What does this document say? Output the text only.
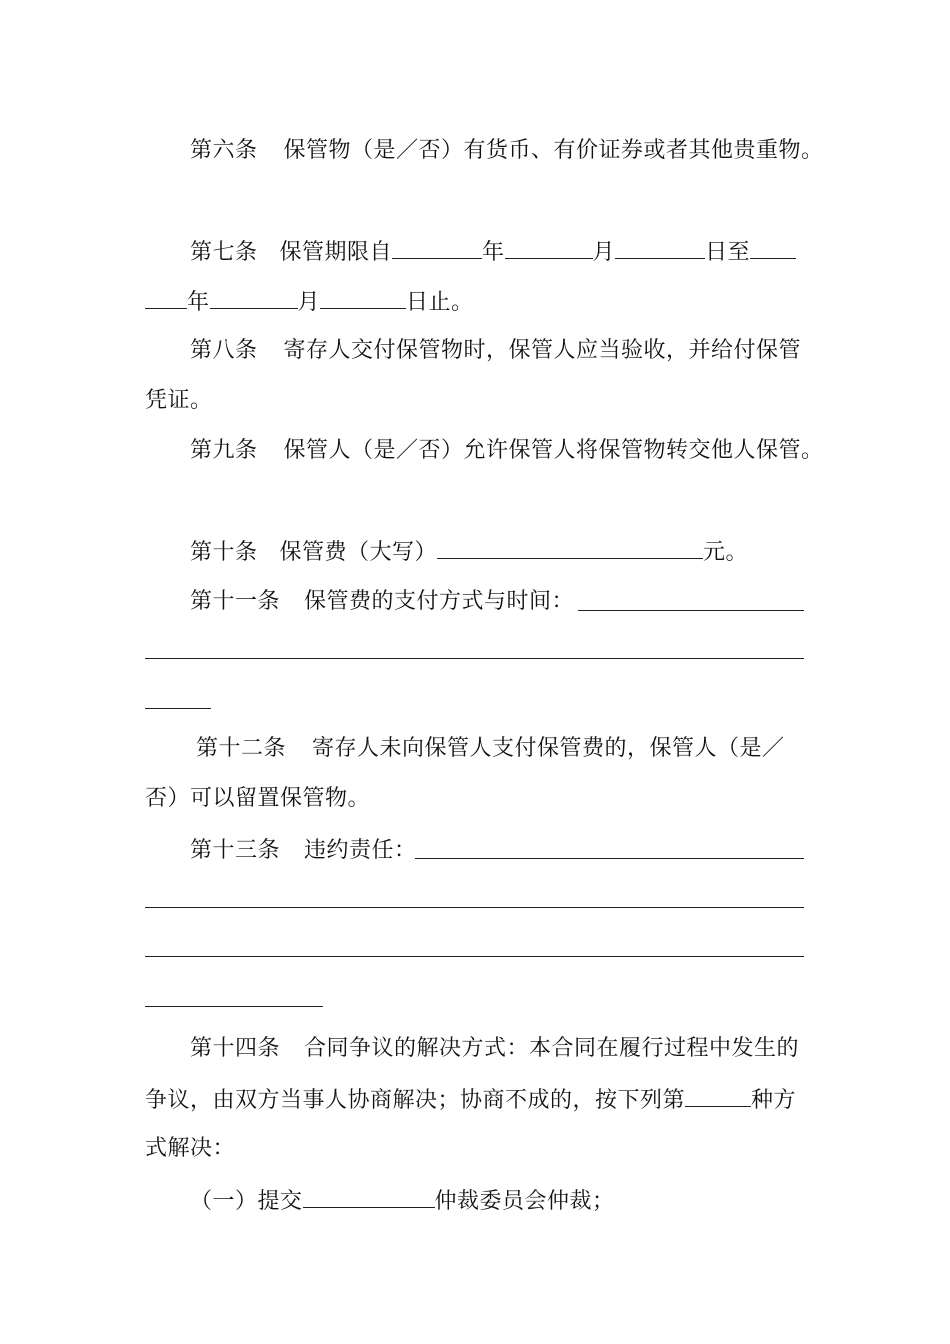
第六条 保管物（是／否）有货币、有价证券或者其他贵重物。
第七条 保管期限自	年	月	日至
年	月	日止。
第八条 寄存人交付保管物时，保管人应当验收，并给付保管
凭证。
第九条 保管人（是／否）允许保管人将保管物转交他人保管。
第十条 保管费（大写）	元。
第十一条 保管费的支付方式与时间：
第十二条 寄存人未向保管人支付保管费的，保管人（是／
否）可以留置保管物。
第十三条 违约责任：
第十四条 合同争议的解决方式：本合同在履行过程中发生的
争议，由双方当事人协商解决；协商不成的，按下列第	种方
式解决：
（一）提交	仲裁委员会仲裁；
